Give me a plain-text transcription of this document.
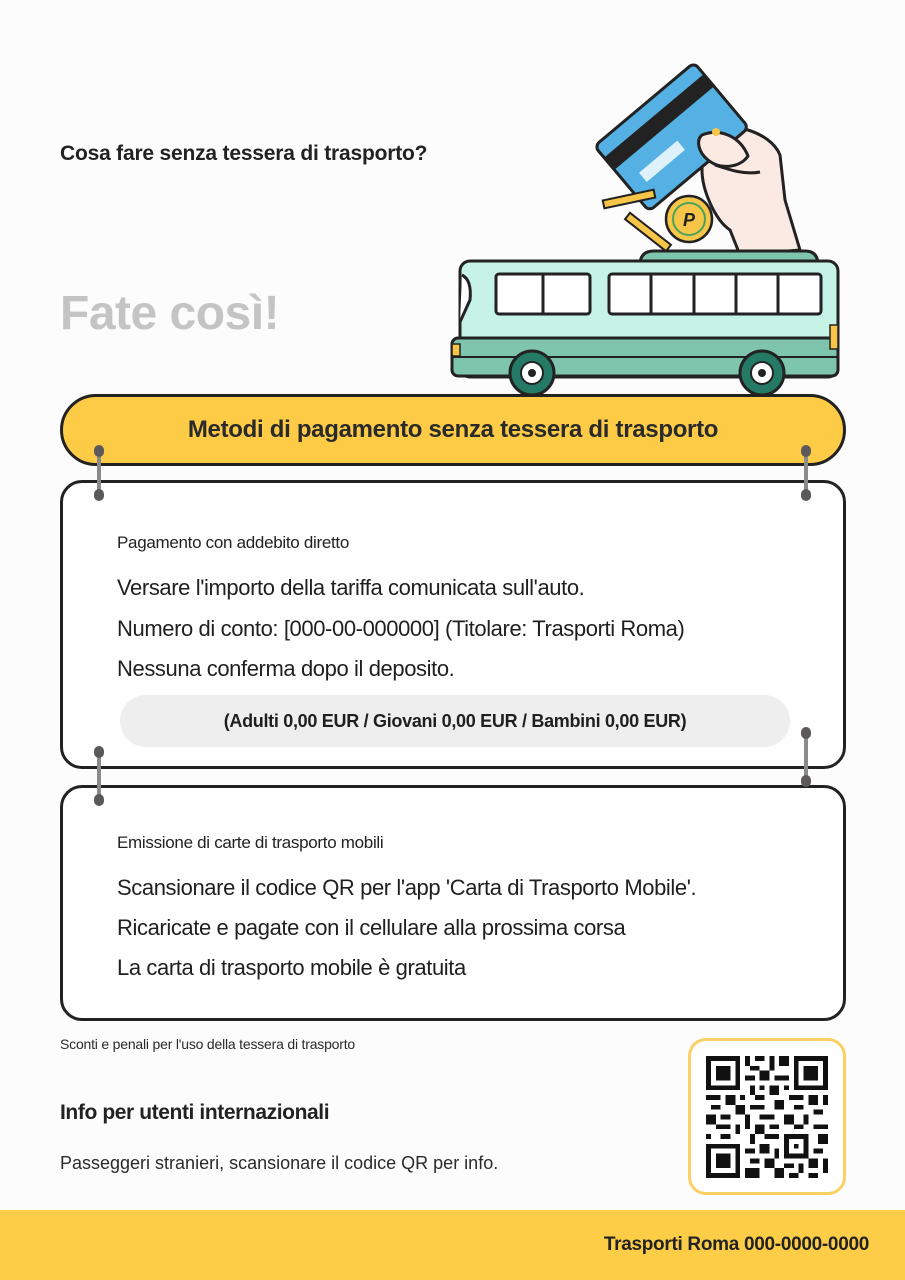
Cosa fare senza tessera di trasporto?
Fate così!
P
Metodi di pagamento senza tessera di trasporto
Pagamento con addebito diretto
Versare l'importo della tariffa comunicata sull'auto.
Numero di conto: [000-00-000000] (Titolare: Trasporti Roma)
Nessuna conferma dopo il deposito.
(Adulti 0,00 EUR / Giovani 0,00 EUR / Bambini 0,00 EUR)
Emissione di carte di trasporto mobili
Scansionare il codice QR per l'app 'Carta di Trasporto Mobile'.
Ricaricate e pagate con il cellulare alla prossima corsa
La carta di trasporto mobile è gratuita
Sconti e penali per l'uso della tessera di trasporto
Info per utenti internazionali
Passeggeri stranieri, scansionare il codice QR per info.
Trasporti Roma 000-0000-0000
